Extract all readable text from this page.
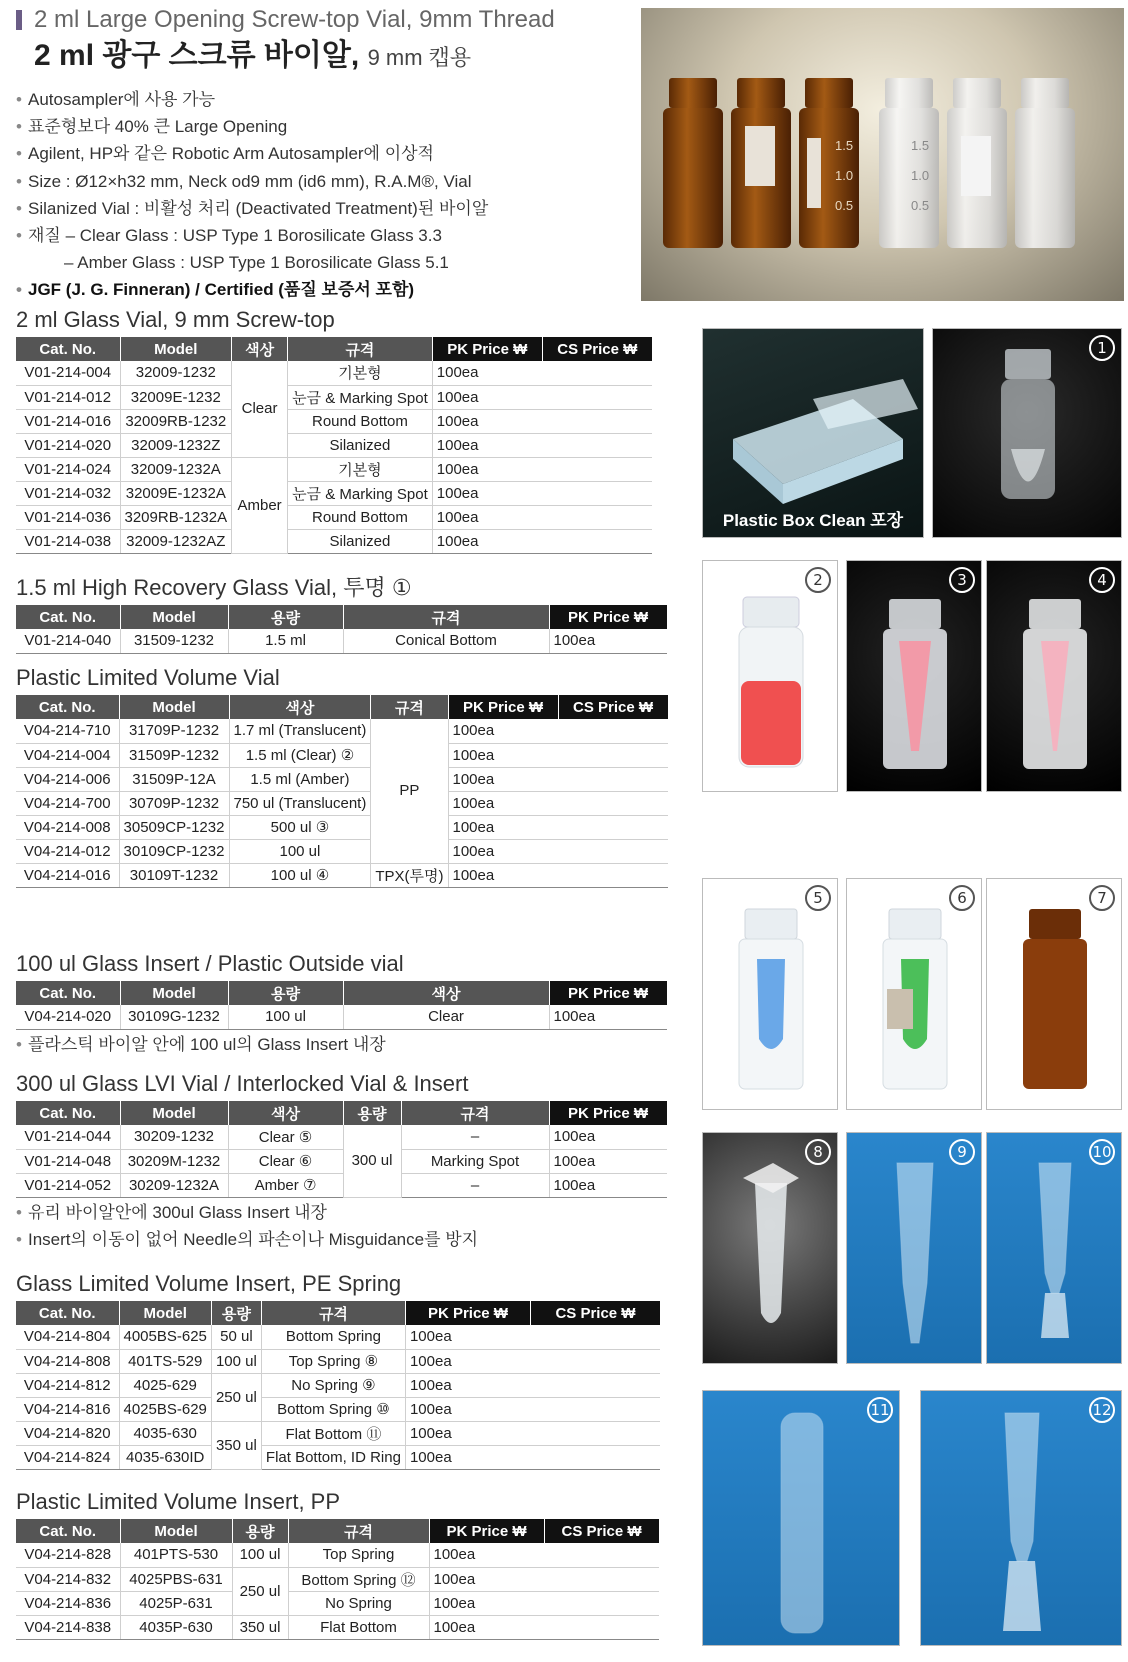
2 ml Large Opening Screw-top Vial, 9mm Thread
2 ml 광구 스크류 바이알, 9 mm 캡용
• Autosampler에 사용 가능
• 표준형보다 40% 큰 Large Opening
• Agilent, HP와 같은 Robotic Arm Autosampler에 이상적
• Size : Ø12×h32 mm, Neck od9 mm (id6 mm), R.A.M®, Vial
• Silanized Vial : 비활성 처리 (Deactivated Treatment)된 바이알
• 재질 – Clear Glass : USP Type 1 Borosilicate Glass 3.3
– Amber Glass : USP Type 1 Borosilicate Glass 5.1
• JGF (J. G. Finneran) / Certified (품질 보증서 포함)
1.5
1.0
0.5
1.5
1.0
0.5
2 ml Glass Vial, 9 mm Screw-top
Cat. No.	Model	색상	규격	PK Price ₩	CS Price ₩
V01-214-004	32009-1232	Clear	기본형	100ea	
V01-214-012	32009E-1232		눈금 & Marking Spot	100ea	
V01-214-016	32009RB-1232		Round Bottom	100ea	
V01-214-020	32009-1232Z		Silanized	100ea	
V01-214-024	32009-1232A	Amber	기본형	100ea	
V01-214-032	32009E-1232A		눈금 & Marking Spot	100ea	
V01-214-036	3209RB-1232A		Round Bottom	100ea	
V01-214-038	32009-1232AZ		Silanized	100ea	
1.5 ml High Recovery Glass Vial, 투명 ①
Cat. No.	Model	용량	규격	PK Price ₩
V01-214-040	31509-1232	1.5 ml	Conical Bottom	100ea
Plastic Limited Volume Vial
Cat. No.	Model	색상	규격	PK Price ₩	CS Price ₩
V04-214-710	31709P-1232	1.7 ml (Translucent)	PP	100ea	
V04-214-004	31509P-1232	1.5 ml (Clear) ②		100ea	
V04-214-006	31509P-12A	1.5 ml (Amber)		100ea	
V04-214-700	30709P-1232	750 ul (Translucent)		100ea	
V04-214-008	30509CP-1232	500 ul ③		100ea	
V04-214-012	30109CP-1232	100 ul		100ea	
V04-214-016	30109T-1232	100 ul ④	TPX(투명)	100ea	
100 ul Glass Insert / Plastic Outside vial
Cat. No.	Model	용량	색상	PK Price ₩
V04-214-020	30109G-1232	100 ul	Clear	100ea
• 플라스틱 바이알 안에 100 ul의 Glass Insert 내장
300 ul Glass LVI Vial / Interlocked Vial & Insert
Cat. No.	Model	색상	용량	규격	PK Price ₩
V01-214-044	30209-1232	Clear ⑤	300 ul	–	100ea
V01-214-048	30209M-1232	Clear ⑥		Marking Spot	100ea
V01-214-052	30209-1232A	Amber ⑦		–	100ea
• 유리 바이알안에 300ul Glass Insert 내장
• Insert의 이동이 없어 Needle의 파손이나 Misguidance를 방지
Glass Limited Volume Insert, PE Spring
Cat. No.	Model	용량	규격	PK Price ₩	CS Price ₩
V04-214-804	4005BS-625	50 ul	Bottom Spring	100ea	
V04-214-808	401TS-529	100 ul	Top Spring ⑧	100ea	
V04-214-812	4025-629	250 ul	No Spring ⑨	100ea	
V04-214-816	4025BS-629		Bottom Spring ⑩	100ea	
V04-214-820	4035-630	350 ul	Flat Bottom ⑪	100ea	
V04-214-824	4035-630ID		Flat Bottom, ID Ring	100ea	
Plastic Limited Volume Insert, PP
Cat. No.	Model	용량	규격	PK Price ₩	CS Price ₩
V04-214-828	401PTS-530	100 ul	Top Spring	100ea	
V04-214-832	4025PBS-631	250 ul	Bottom Spring ⑫	100ea	
V04-214-836	4025P-631		No Spring	100ea	
V04-214-838	4035P-630	350 ul	Flat Bottom	100ea	
Plastic Box Clean 포장
1
2	3	4
5	6	7
8	9	10
11	12
